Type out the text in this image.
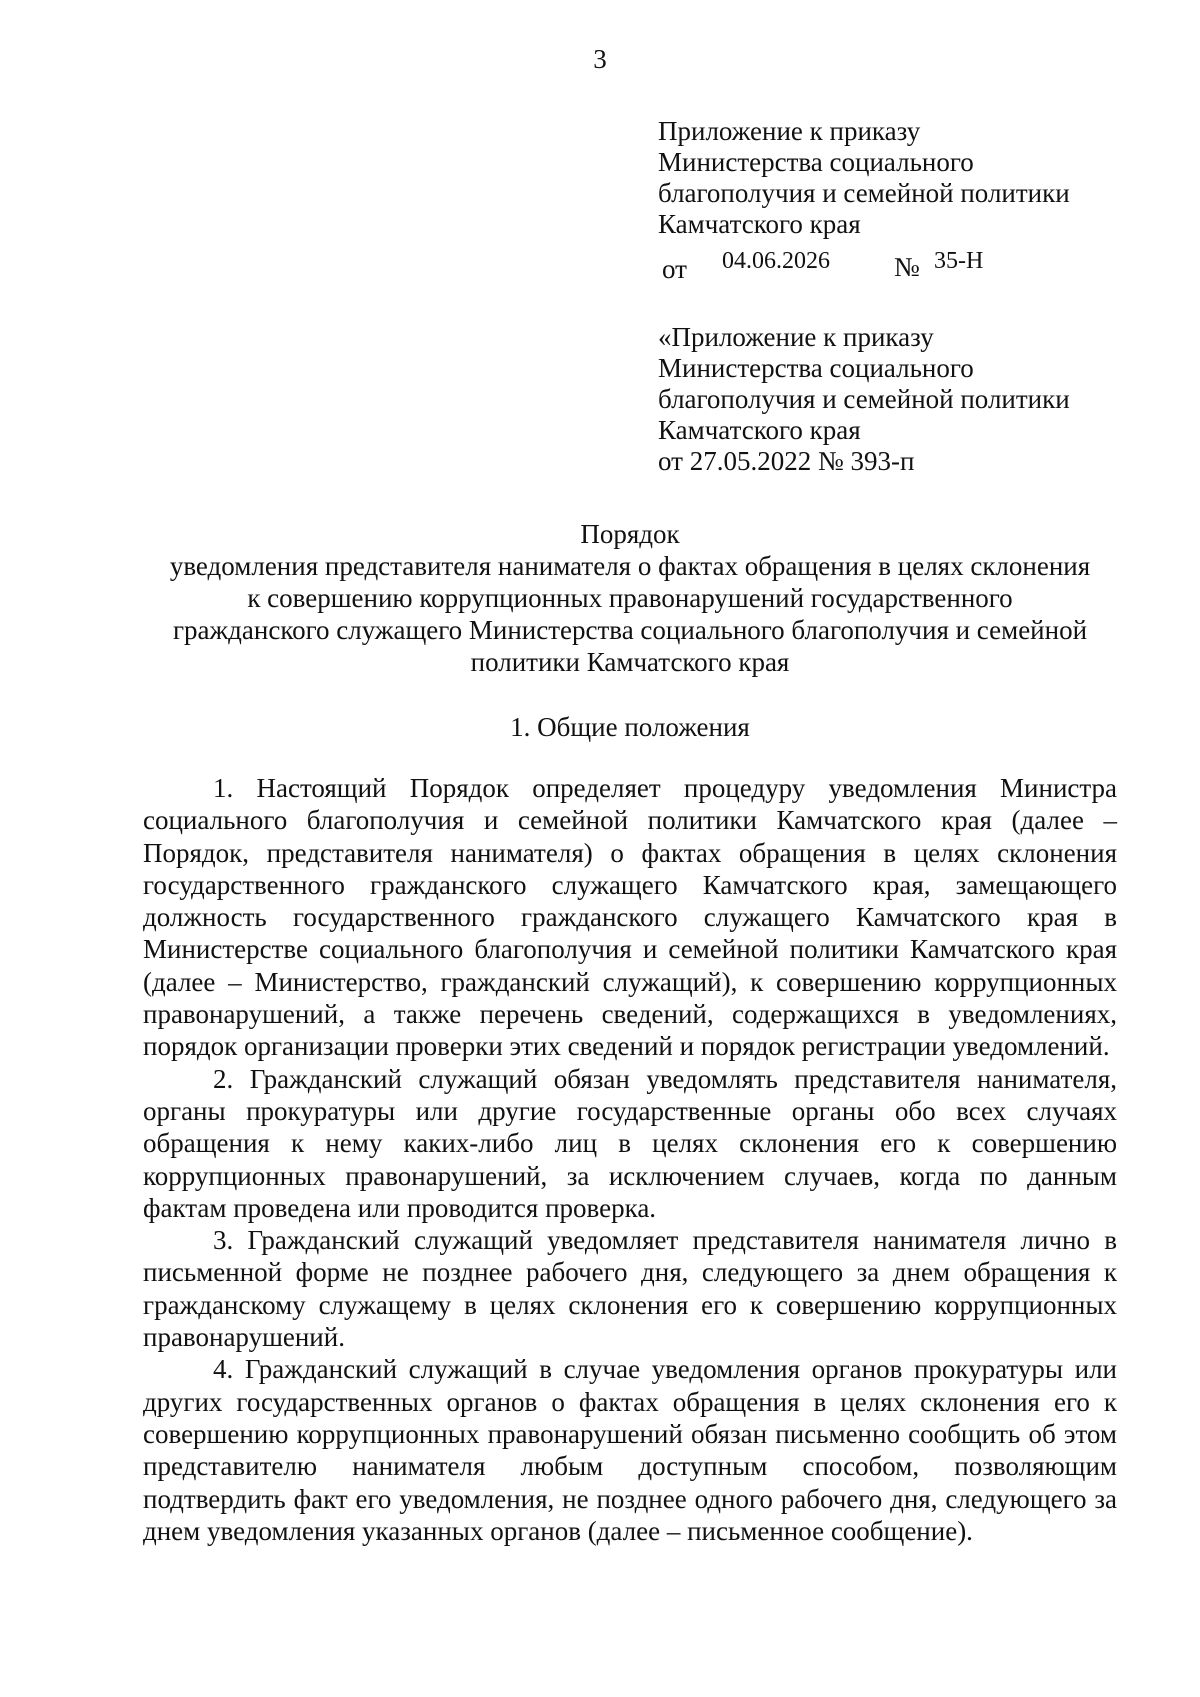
3
Приложение к приказу
Министерства социального
благополучия и семейной политики
Камчатского края
от 04.06.2026 № 35-Н
«Приложение к приказу
Министерства социального
благополучия и семейной политики
Камчатского края
от 27.05.2022 № 393-п
Порядок
уведомления представителя нанимателя о фактах обращения в целях склонения
к совершению коррупционных правонарушений государственного
гражданского служащего Министерства социального благополучия и семейной
политики Камчатского края
1. Общие положения

1. Настоящий Порядок определяет процедуру уведомления Министра социального благополучия и семейной политики Камчатского края (далее – Порядок, представителя нанимателя) о фактах обращения в целях склонения государственного гражданского служащего Камчатского края, замещающего должность государственного гражданского служащего Камчатского края в Министерстве социального благополучия и семейной политики Камчатского края (далее – Министерство, гражданский служащий), к совершению коррупционных правонарушений, а также перечень сведений, содержащихся в уведомлениях, порядок организации проверки этих сведений и порядок регистрации уведомлений.

2. Гражданский служащий обязан уведомлять представителя нанимателя, органы прокуратуры или другие государственные органы обо всех случаях обращения к нему каких-либо лиц в целях склонения его к совершению коррупционных правонарушений, за исключением случаев, когда по данным фактам проведена или проводится проверка.

3. Гражданский служащий уведомляет представителя нанимателя лично в письменной форме не позднее рабочего дня, следующего за днем обращения к гражданскому служащему в целях склонения его к совершению коррупционных правонарушений.

4. Гражданский служащий в случае уведомления органов прокуратуры или других государственных органов о фактах обращения в целях склонения его к совершению коррупционных правонарушений обязан письменно сообщить об этом представителю нанимателя любым доступным способом, позволяющим подтвердить факт его уведомления, не позднее одного рабочего дня, следующего за днем уведомления указанных органов (далее – письменное сообщение).
